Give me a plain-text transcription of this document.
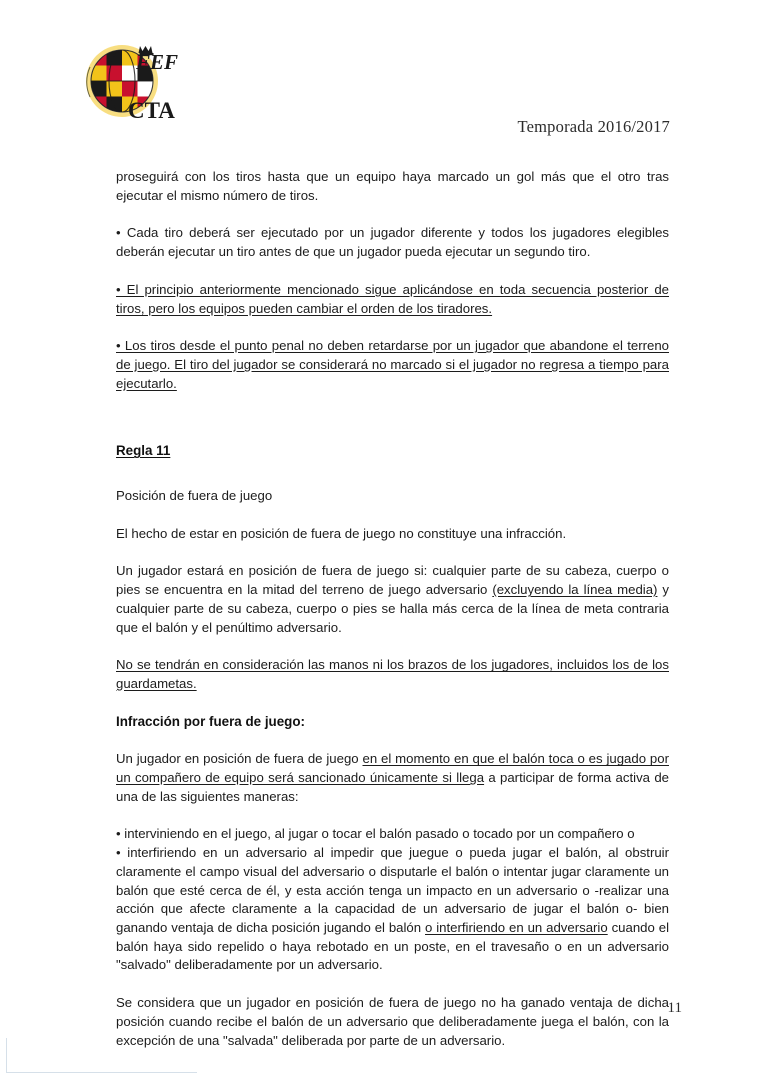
FEF
CTA
Temporada 2016/2017

proseguirá con los tiros hasta que un equipo haya marcado un gol más que el otro tras ejecutar el mismo número de tiros.

• Cada tiro deberá ser ejecutado por un jugador diferente y todos los jugadores elegibles deberán ejecutar un tiro antes de que un jugador pueda ejecutar un segundo tiro.

• El principio anteriormente mencionado sigue aplicándose en toda secuencia posterior de tiros, pero los equipos pueden cambiar el orden de los tiradores.

• Los tiros desde el punto penal no deben retardarse por un jugador que abandone el terreno de juego. El tiro del jugador se considerará no marcado si el jugador no regresa a tiempo para ejecutarlo.

Regla 11

Posición de fuera de juego

El hecho de estar en posición de fuera de juego no constituye una infracción.

Un jugador estará en posición de fuera de juego si: cualquier parte de su cabeza, cuerpo o pies se encuentra en la mitad del terreno de juego adversario (excluyendo la línea media) y cualquier parte de su cabeza, cuerpo o pies se halla más cerca de la línea de meta contraria que el balón y el penúltimo adversario.

No se tendrán en consideración las manos ni los brazos de los jugadores, incluidos los de los guardametas.

Infracción por fuera de juego:

Un jugador en posición de fuera de juego en el momento en que el balón toca o es jugado por un compañero de equipo será sancionado únicamente si llega a participar de forma activa de una de las siguientes maneras:

• interviniendo en el juego, al jugar o tocar el balón pasado o tocado por un compañero o

• interfiriendo en un adversario al impedir que juegue o pueda jugar el balón, al obstruir claramente el campo visual del adversario o disputarle el balón o intentar jugar claramente un balón que esté cerca de él, y esta acción tenga un impacto en un adversario o -realizar una acción que afecte claramente a la capacidad de un adversario de jugar el balón o- bien ganando ventaja de dicha posición jugando el balón o interfiriendo en un adversario cuando el balón haya sido repelido o haya rebotado en un poste, en el travesaño o en un adversario "salvado" deliberadamente por un adversario.

Se considera que un jugador en posición de fuera de juego no ha ganado ventaja de dicha posición cuando recibe el balón de un adversario que deliberadamente juega el balón, con la excepción de una "salvada" deliberada por parte de un adversario.

11
